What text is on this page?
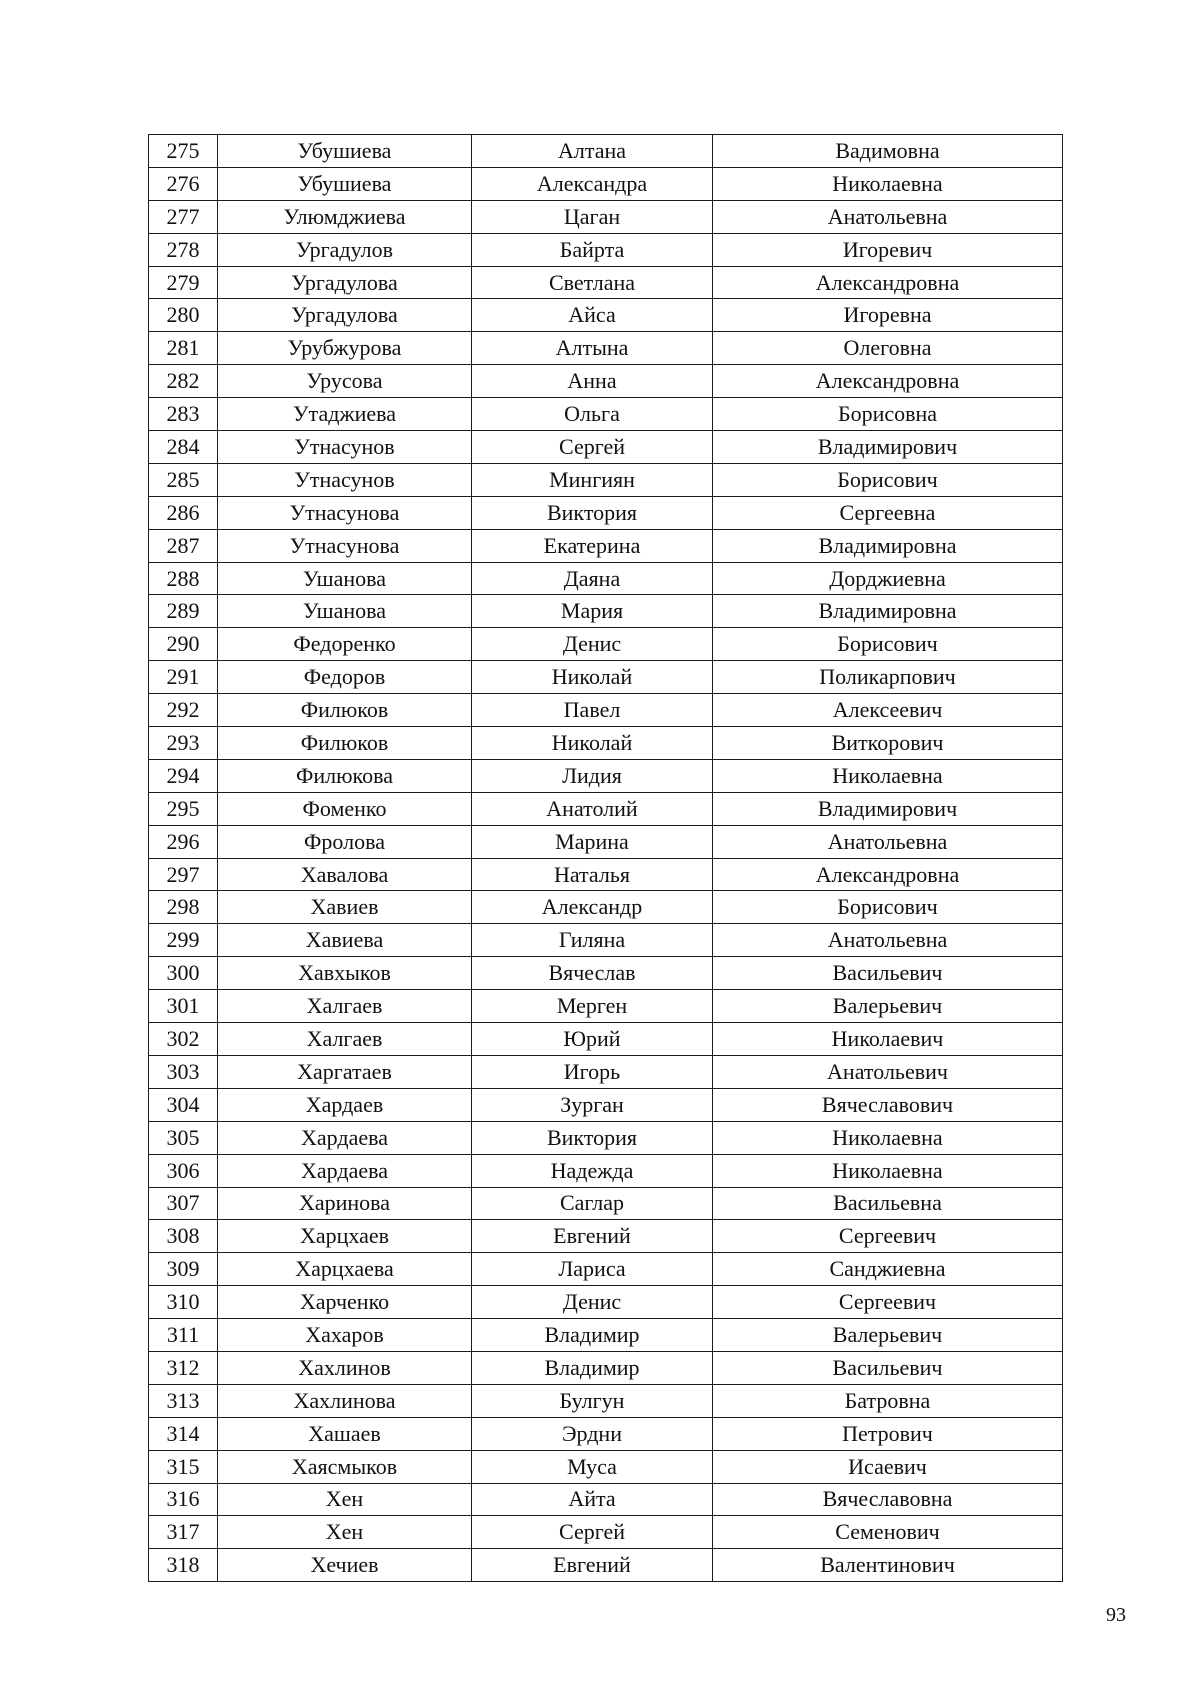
275	Убушиева	Алтана	Вадимовна
276	Убушиева	Александра	Николаевна
277	Улюмджиева	Цаган	Анатольевна
278	Ургадулов	Байрта	Игоревич
279	Ургадулова	Светлана	Александровна
280	Ургадулова	Айса	Игоревна
281	Урубжурова	Алтына	Олеговна
282	Урусова	Анна	Александровна
283	Утаджиева	Ольга	Борисовна
284	Утнасунов	Сергей	Владимирович
285	Утнасунов	Мингиян	Борисович
286	Утнасунова	Виктория	Сергеевна
287	Утнасунова	Екатерина	Владимировна
288	Ушанова	Даяна	Дорджиевна
289	Ушанова	Мария	Владимировна
290	Федоренко	Денис	Борисович
291	Федоров	Николай	Поликарпович
292	Филюков	Павел	Алексеевич
293	Филюков	Николай	Виткорович
294	Филюкова	Лидия	Николаевна
295	Фоменко	Анатолий	Владимирович
296	Фролова	Марина	Анатольевна
297	Хавалова	Наталья	Александровна
298	Хавиев	Александр	Борисович
299	Хавиева	Гиляна	Анатольевна
300	Хавхыков	Вячеслав	Васильевич
301	Халгаев	Мерген	Валерьевич
302	Халгаев	Юрий	Николаевич
303	Харгатаев	Игорь	Анатольевич
304	Хардаев	Зурган	Вячеславович
305	Хардаева	Виктория	Николаевна
306	Хардаева	Надежда	Николаевна
307	Харинова	Саглар	Васильевна
308	Харцхаев	Евгений	Сергеевич
309	Харцхаева	Лариса	Санджиевна
310	Харченко	Денис	Сергеевич
311	Хахаров	Владимир	Валерьевич
312	Хахлинов	Владимир	Васильевич
313	Хахлинова	Булгун	Батровна
314	Хашаев	Эрдни	Петрович
315	Хаясмыков	Муса	Исаевич
316	Хен	Айта	Вячеславовна
317	Хен	Сергей	Семенович
318	Хечиев	Евгений	Валентинович
93
